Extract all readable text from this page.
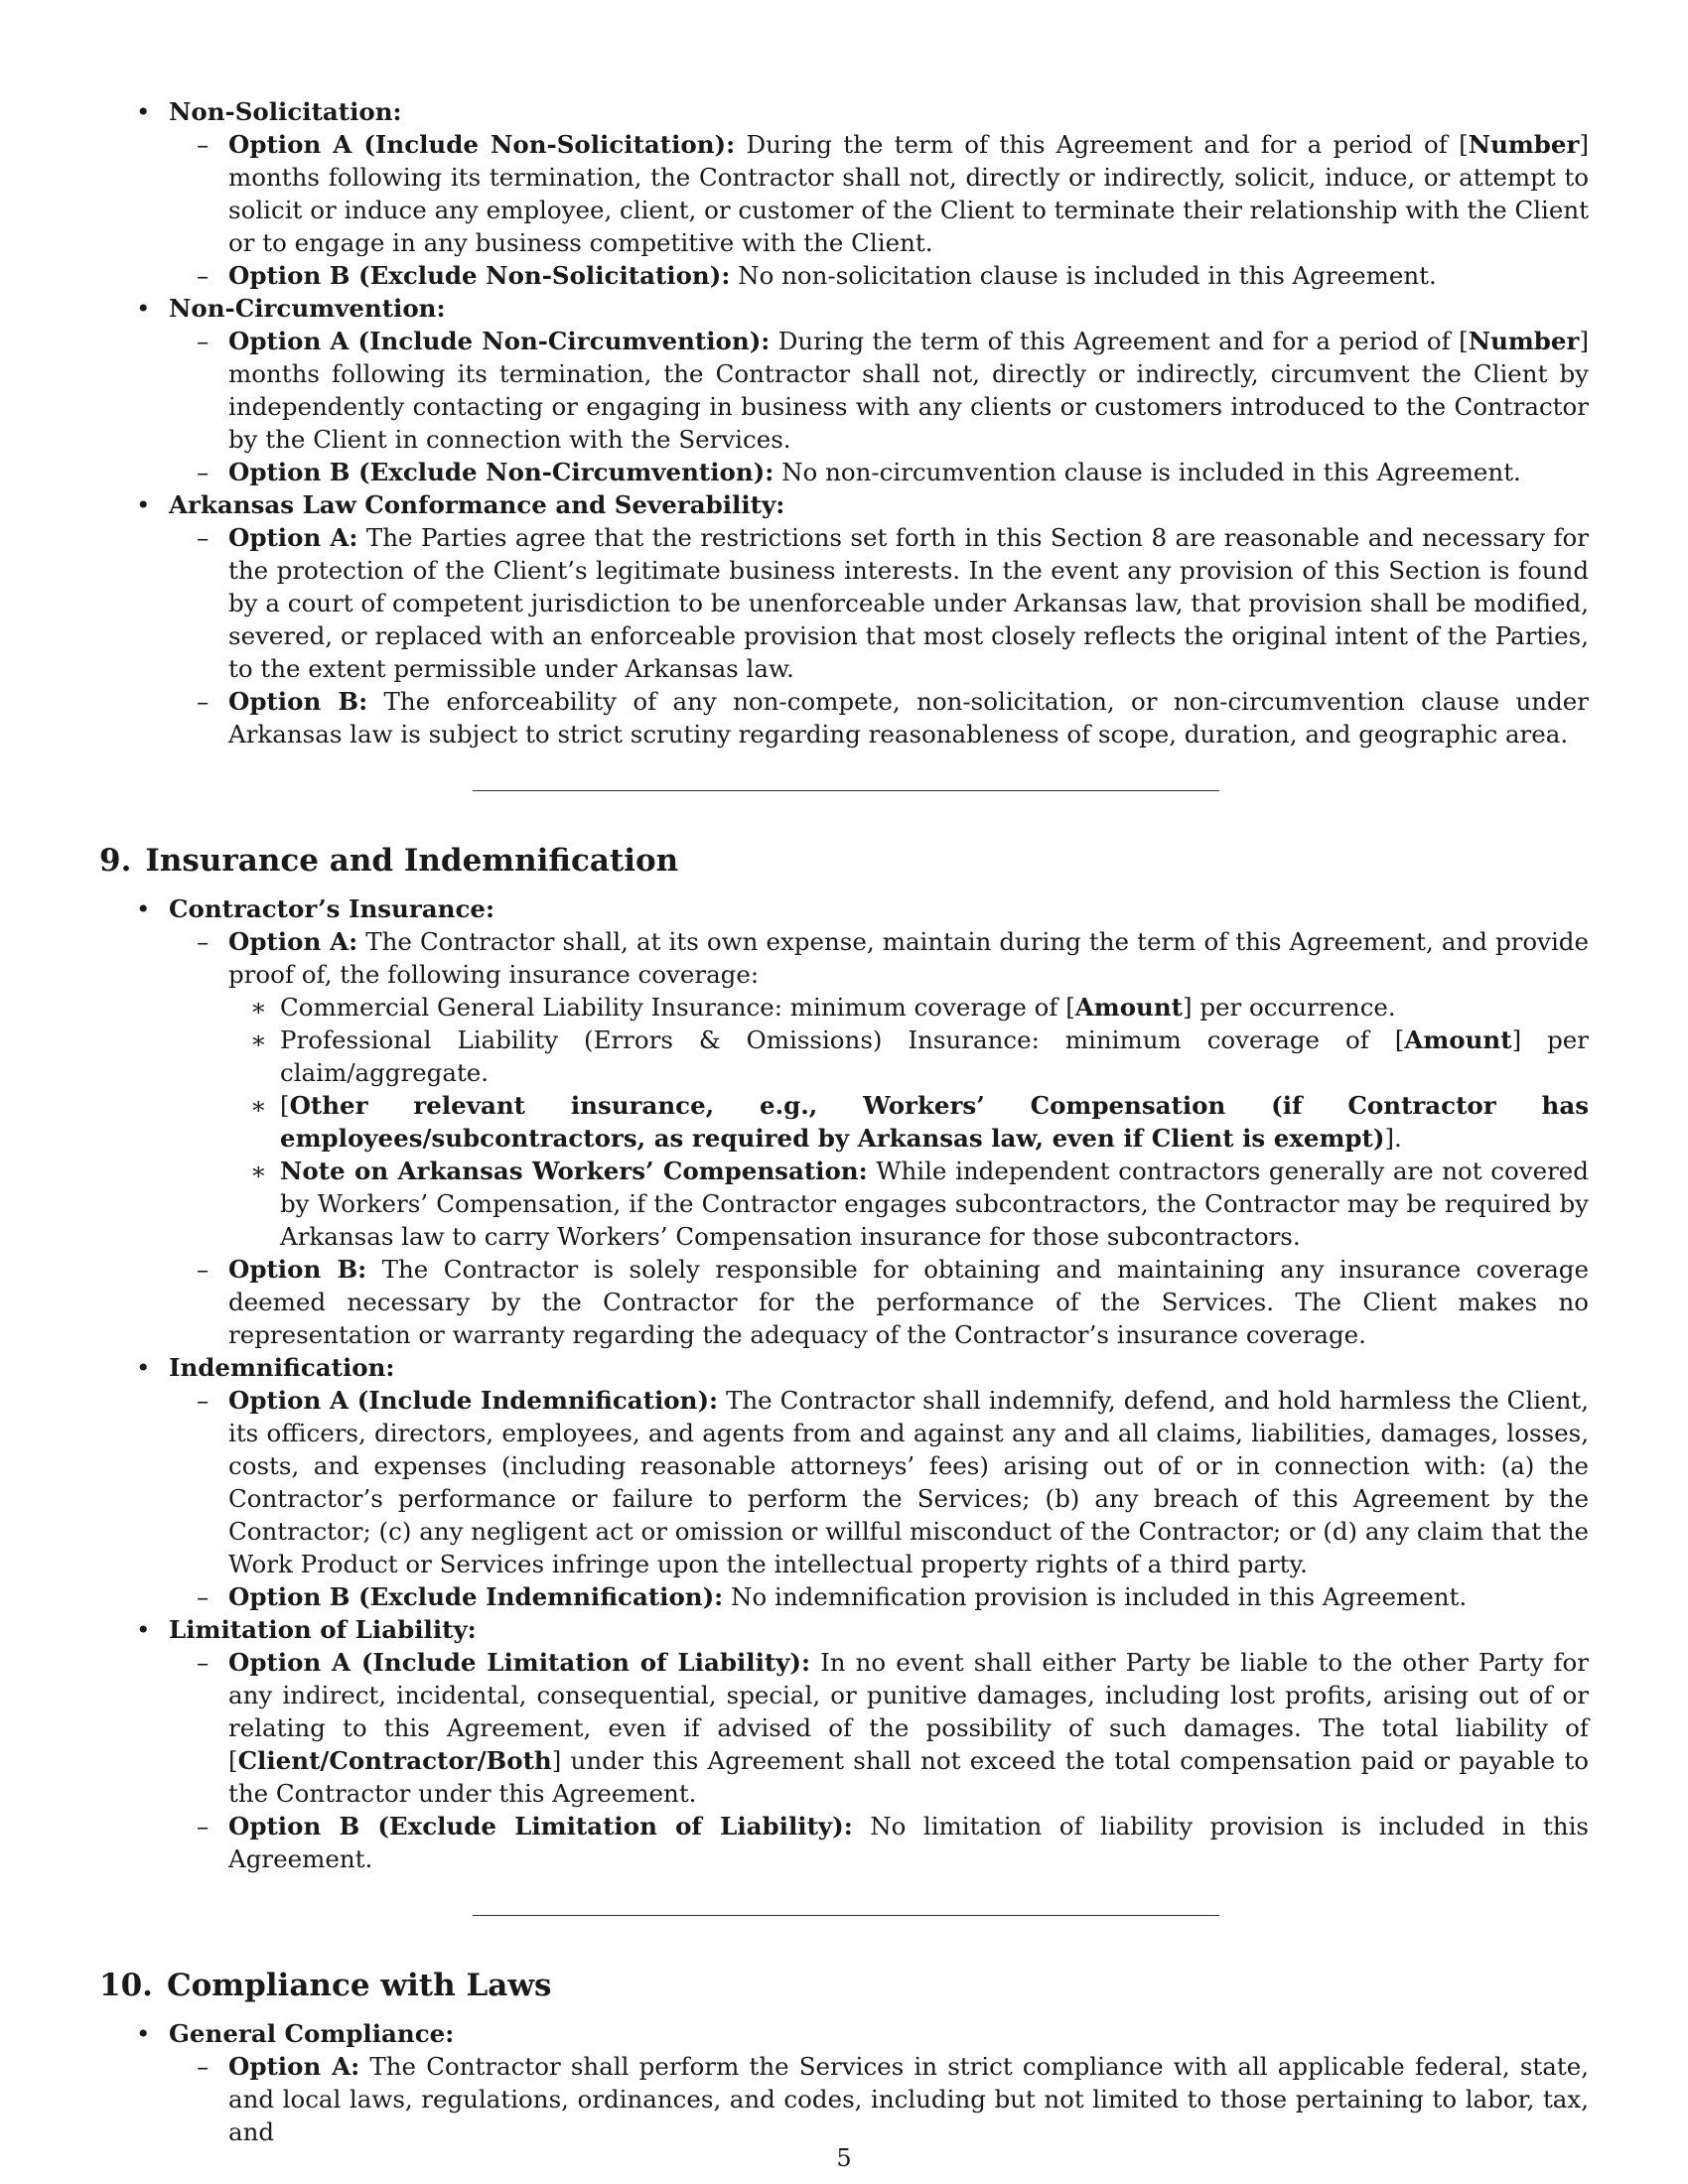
• Non-Solicitation:
– Option A (Include Non-Solicitation): During the term of this Agreement and for a period of [Number] months following its termination, the Contractor shall not, directly or indirectly, solicit, induce, or attempt to solicit or induce any employee, client, or customer of the Client to terminate their relationship with the Client or to engage in any business competitive with the Client.
– Option B (Exclude Non-Solicitation): No non-solicitation clause is included in this Agreement.
• Non-Circumvention:
– Option A (Include Non-Circumvention): During the term of this Agreement and for a period of [Number] months following its termination, the Contractor shall not, directly or indirectly, circumvent the Client by independently contacting or engaging in business with any clients or customers introduced to the Contractor by the Client in connection with the Services.
– Option B (Exclude Non-Circumvention): No non-circumvention clause is included in this Agreement.
• Arkansas Law Conformance and Severability:
– Option A: The Parties agree that the restrictions set forth in this Section 8 are reasonable and necessary for the protection of the Client’s legitimate business interests. In the event any provision of this Section is found by a court of competent jurisdiction to be unenforceable under Arkansas law, that provision shall be modified, severed, or replaced with an enforceable provision that most closely reflects the original intent of the Parties, to the extent permissible under Arkansas law.
– Option B: The enforceability of any non-compete, non-solicitation, or non-circumvention clause under Arkansas law is subject to strict scrutiny regarding reasonableness of scope, duration, and geographic area.
9. Insurance and Indemnification
• Contractor’s Insurance:
– Option A: The Contractor shall, at its own expense, maintain during the term of this Agreement, and provide proof of, the following insurance coverage:
∗ Commercial General Liability Insurance: minimum coverage of [Amount] per occurrence.
∗ Professional Liability (Errors & Omissions) Insurance: minimum coverage of [Amount] per claim/aggregate.
∗ [Other relevant insurance, e.g., Workers’ Compensation (if Contractor has employees/subcontractors, as required by Arkansas law, even if Client is exempt)].
∗ Note on Arkansas Workers’ Compensation: While independent contractors generally are not covered by Workers’ Compensation, if the Contractor engages subcontractors, the Contractor may be required by Arkansas law to carry Workers’ Compensation insurance for those subcontractors.
– Option B: The Contractor is solely responsible for obtaining and maintaining any insurance coverage deemed necessary by the Contractor for the performance of the Services. The Client makes no representation or warranty regarding the adequacy of the Contractor’s insurance coverage.
• Indemnification:
– Option A (Include Indemnification): The Contractor shall indemnify, defend, and hold harmless the Client, its officers, directors, employees, and agents from and against any and all claims, liabilities, damages, losses, costs, and expenses (including reasonable attorneys’ fees) arising out of or in connection with: (a) the Contractor’s performance or failure to perform the Services; (b) any breach of this Agreement by the Contractor; (c) any negligent act or omission or willful misconduct of the Contractor; or (d) any claim that the Work Product or Services infringe upon the intellectual property rights of a third party.
– Option B (Exclude Indemnification): No indemnification provision is included in this Agreement.
• Limitation of Liability:
– Option A (Include Limitation of Liability): In no event shall either Party be liable to the other Party for any indirect, incidental, consequential, special, or punitive damages, including lost profits, arising out of or relating to this Agreement, even if advised of the possibility of such damages. The total liability of [Client/Contractor/Both] under this Agreement shall not exceed the total compensation paid or payable to the Contractor under this Agreement.
– Option B (Exclude Limitation of Liability): No limitation of liability provision is included in this Agreement.
10. Compliance with Laws
• General Compliance:
– Option A: The Contractor shall perform the Services in strict compliance with all applicable federal, state, and local laws, regulations, ordinances, and codes, including but not limited to those pertaining to labor, tax, and
5
